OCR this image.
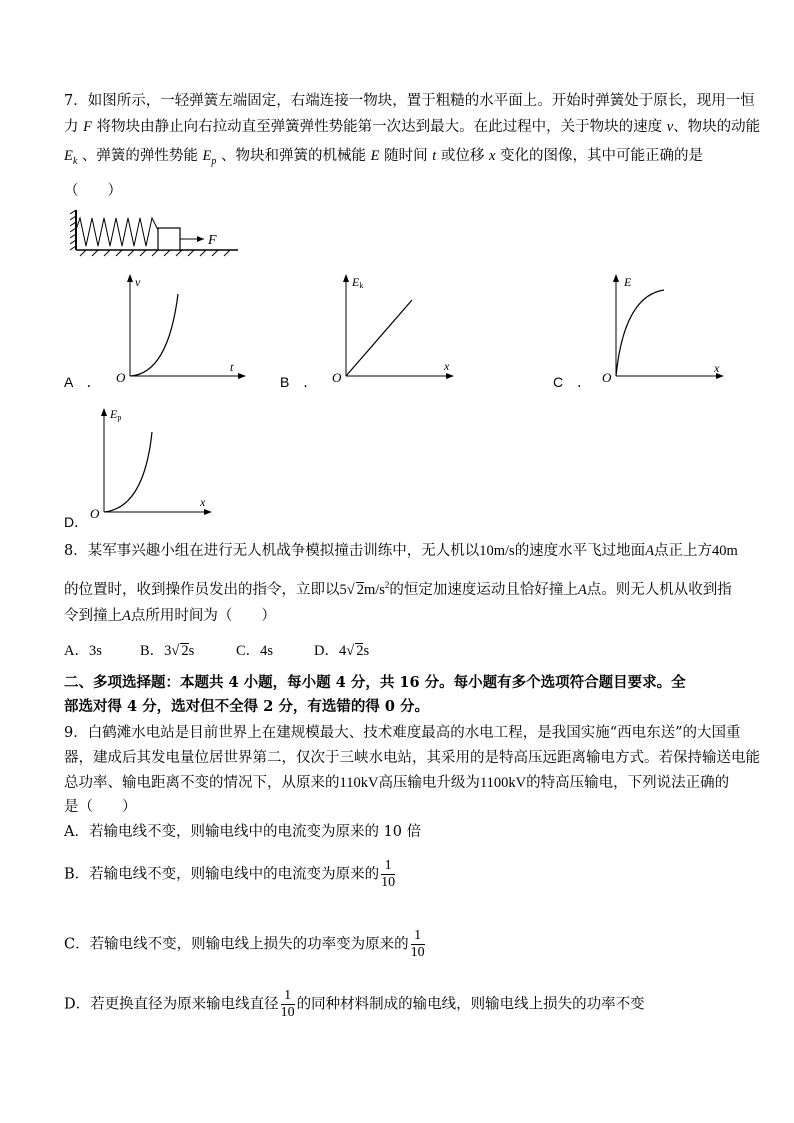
7．如图所示，一轻弹簧左端固定，右端连接一物块，置于粗糙的水平面上。开始时弹簧处于原长，现用一恒
力 F 将物块由静止向右拉动直至弹簧弹性势能第一次达到最大。在此过程中，关于物块的速度 v、物块的动能
$E_k$ 、弹簧的弹性势能 $E_p$ 、物块和弹簧的机械能 E 随时间 t 或位移 x 变化的图像，其中可能正确的是
（　　）
F
A　．
v
t
O	B　．
Ek
x
O	C　．
E
x
O
D．
Ep
x
O
8．某军事兴趣小组在进行无人机战争模拟撞击训练中，无人机以10m/s的速度水平飞过地面A点正上方40m
的位置时，收到操作员发出的指令，立即以5√ $2m/s^2$的恒定加速度运动且恰好撞上A点。则无人机从收到指
令到撞上A点所用时间为（　　）
A．3s	B．3√ 2s	C．4s	D．4√ 2s
二、多项选择题：本题共 4 小题，每小题 4 分，共 16 分。每小题有多个选项符合题目要求。全
部选对得 4 分，选对但不全得 2 分，有选错的得 0 分。
9．白鹤滩水电站是目前世界上在建规模最大、技术难度最高的水电工程，是我国实施“西电东送”的大国重
器，建成后其发电量位居世界第二，仅次于三峡水电站，其采用的是特高压远距离输电方式。若保持输送电能
总功率、输电距离不变的情况下，从原来的110kV高压输电升级为1100kV的特高压输电，下列说法正确的
是（　　）
A．若输电线不变，则输电线中的电流变为原来的 10 倍
B．若输电线不变，则输电线中的电流变为原来的 $\frac{1}{10}$
C．若输电线不变，则输电线上损失的功率变为原来的 $\frac{1}{10}$
D．若更换直径为原来输电线直径 $\frac{1}{10}$ 的同种材料制成的输电线，则输电线上损失的功率不变
